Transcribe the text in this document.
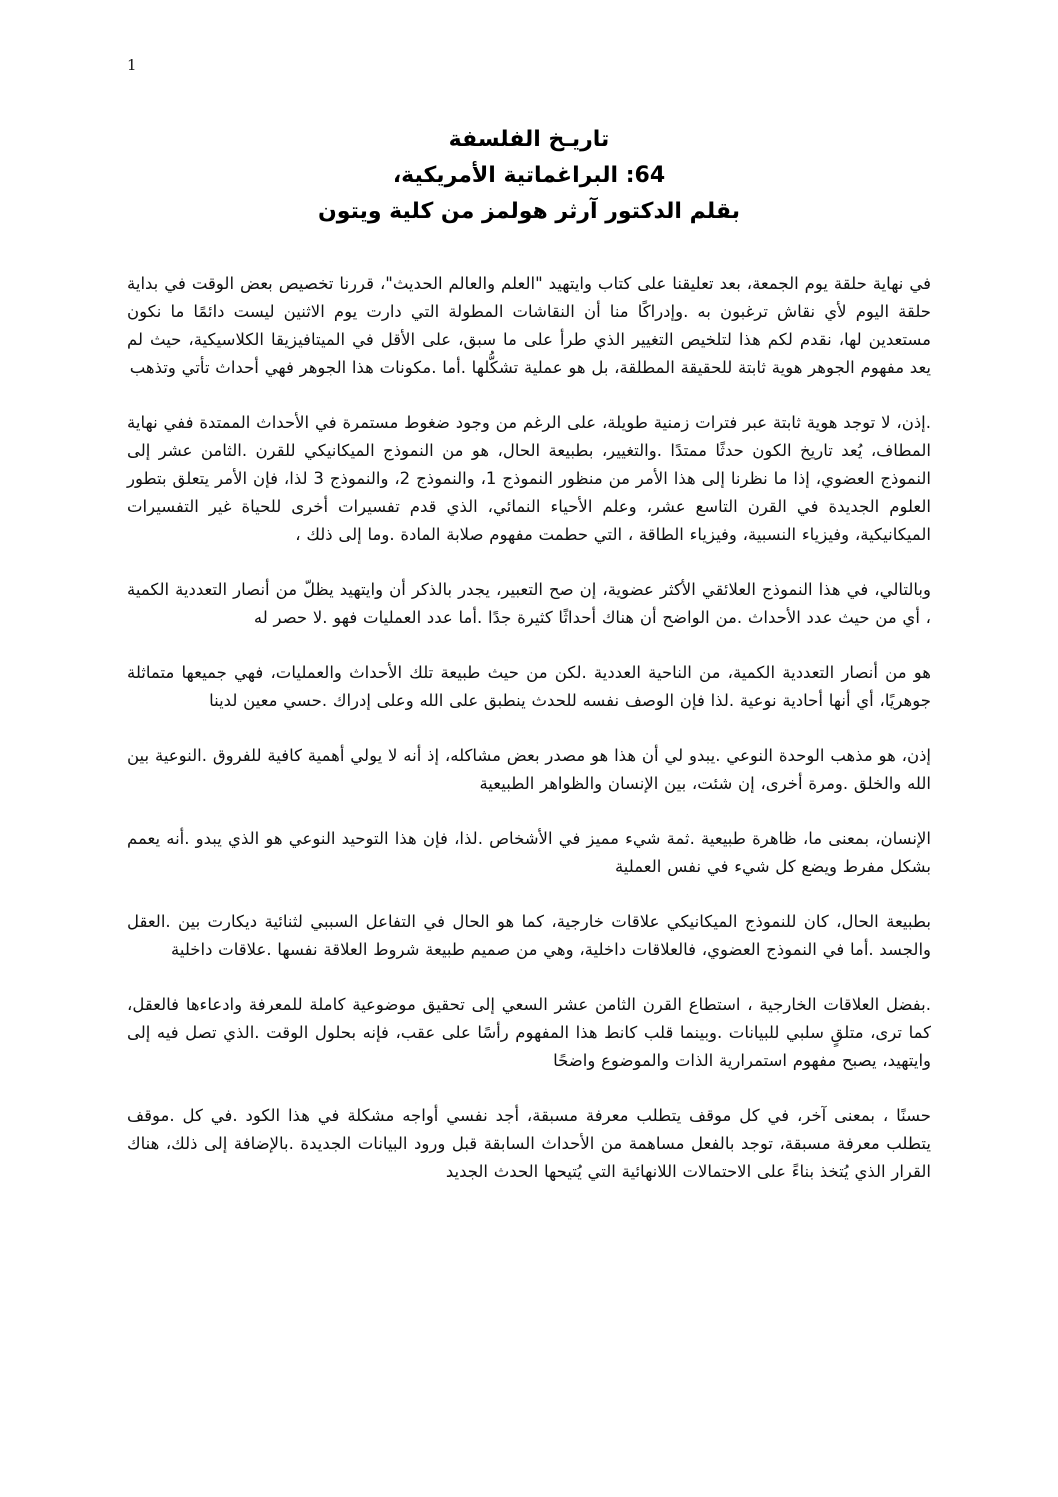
1
تاريـخ الفلسفة
64: البراغماتية الأمريكية،
بقلم الدكتور آرثر هولمز من كلية ويتون

في نهاية حلقة يوم الجمعة، بعد تعليقنا على كتاب وايتهيد "العلم والعالم الحديث"، قررنا تخصيص بعض الوقت في بداية حلقة اليوم لأي نقاش ترغبون به .وإدراكًا منا أن النقاشات المطولة التي دارت يوم الاثنين ليست دائمًا ما نكون مستعدين لها، نقدم لكم هذا لتلخيص التغيير الذي طرأ على ما سبق، على الأقل في الميتافيزيقا الكلاسيكية، حيث لم يعد مفهوم الجوهر هوية ثابتة للحقيقة المطلقة، بل هو عملية تشكُّلها .أما .مكونات هذا الجوهر فهي أحداث تأتي وتذهب

.إذن، لا توجد هوية ثابتة عبر فترات زمنية طويلة، على الرغم من وجود ضغوط مستمرة في الأحداث الممتدة ففي نهاية المطاف، يُعد تاريخ الكون حدثًا ممتدًا .والتغيير، بطبيعة الحال، هو من النموذج الميكانيكي للقرن .الثامن عشر إلى النموذج العضوي، إذا ما نظرنا إلى هذا الأمر من منظور النموذج 1، والنموذج 2، والنموذج 3 لذا، فإن الأمر يتعلق بتطور العلوم الجديدة في القرن التاسع عشر، وعلم الأحياء النمائي، الذي قدم تفسيرات أخرى للحياة غير التفسيرات الميكانيكية، وفيزياء النسبية، وفيزياء الطاقة ، التي حطمت مفهوم صلابة المادة .وما إلى ذلك ،

وبالتالي، في هذا النموذج العلائقي الأكثر عضوية، إن صح التعبير، يجدر بالذكر أن وايتهيد يظلّ من أنصار التعددية الكمية ، أي من حيث عدد الأحداث .من الواضح أن هناك أحداثًا كثيرة جدًا .أما عدد العمليات فهو .لا حصر له

هو من أنصار التعددية الكمية، من الناحية العددية .لكن من حيث طبيعة تلك الأحداث والعمليات، فهي جميعها متماثلة جوهريًا، أي أنها أحادية نوعية .لذا فإن الوصف نفسه للحدث ينطبق على الله وعلى إدراك .حسي معين لدينا

إذن، هو مذهب الوحدة النوعي .يبدو لي أن هذا هو مصدر بعض مشاكله، إذ أنه لا يولي أهمية كافية للفروق .النوعية بين الله والخلق .ومرة أخرى، إن شئت، بين الإنسان والظواهر الطبيعية

الإنسان، بمعنى ما، ظاهرة طبيعية .ثمة شيء مميز في الأشخاص .لذا، فإن هذا التوحيد النوعي هو الذي يبدو .أنه يعمم بشكل مفرط ويضع كل شيء في نفس العملية

بطبيعة الحال، كان للنموذج الميكانيكي علاقات خارجية، كما هو الحال في التفاعل السببي لثنائية ديكارت بين .العقل والجسد .أما في النموذج العضوي، فالعلاقات داخلية، وهي من صميم طبيعة شروط العلاقة نفسها .علاقات داخلية

.بفضل العلاقات الخارجية ، استطاع القرن الثامن عشر السعي إلى تحقيق موضوعية كاملة للمعرفة وادعاءها فالعقل، كما ترى، متلقٍ سلبي للبيانات .وبينما قلب كانط هذا المفهوم رأسًا على عقب، فإنه بحلول الوقت .الذي تصل فيه إلى وايتهيد، يصبح مفهوم استمرارية الذات والموضوع واضحًا

حسنًا ، بمعنى آخر، في كل موقف يتطلب معرفة مسبقة، أجد نفسي أواجه مشكلة في هذا الكود .في كل .موقف يتطلب معرفة مسبقة، توجد بالفعل مساهمة من الأحداث السابقة قبل ورود البيانات الجديدة .بالإضافة إلى ذلك، هناك القرار الذي يُتخذ بناءً على الاحتمالات اللانهائية التي يُتيحها الحدث الجديد
